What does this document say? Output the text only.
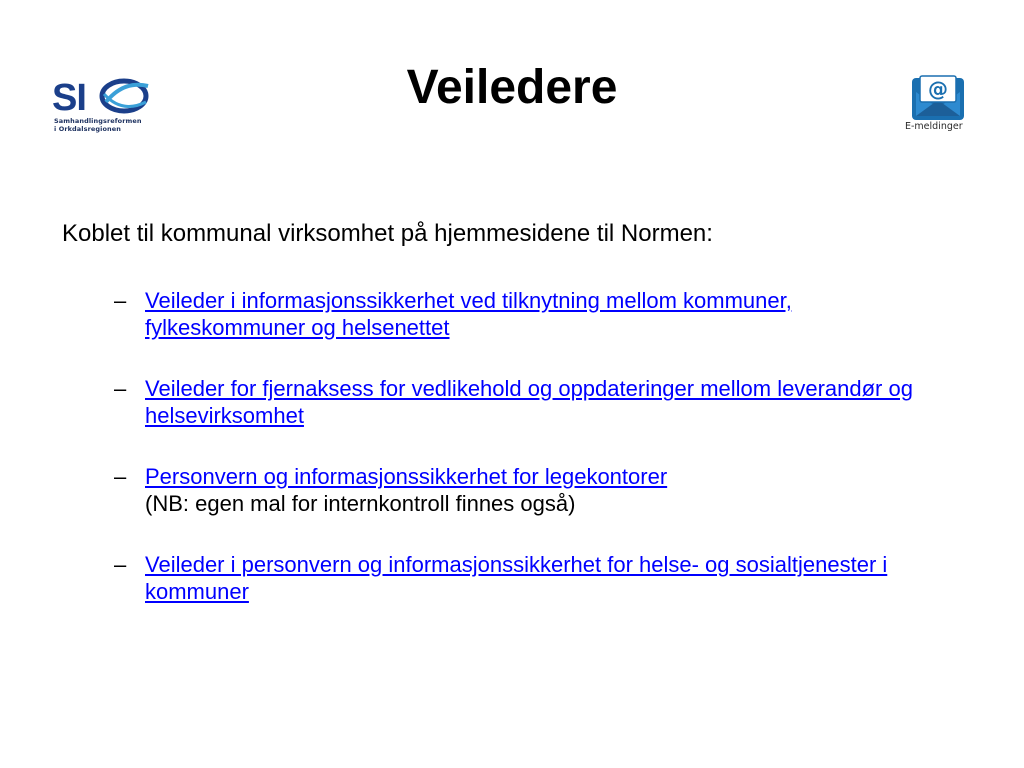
SI
Samhandlingsreformen
i Orkdalsregionen
Veiledere	@
E-meldinger
Koblet til kommunal virksomhet på hjemmesidene til Normen:
– Veileder i informasjonssikkerhet ved tilknytning mellom kommuner, fylkeskommuner og helsenettet
– Veileder for fjernaksess for vedlikehold og oppdateringer mellom leverandør og helsevirksomhet
– Personvern og informasjonssikkerhet for legekontorer
(NB: egen mal for internkontroll finnes også)
– Veileder i personvern og informasjonssikkerhet for helse- og sosialtjenester i kommuner
